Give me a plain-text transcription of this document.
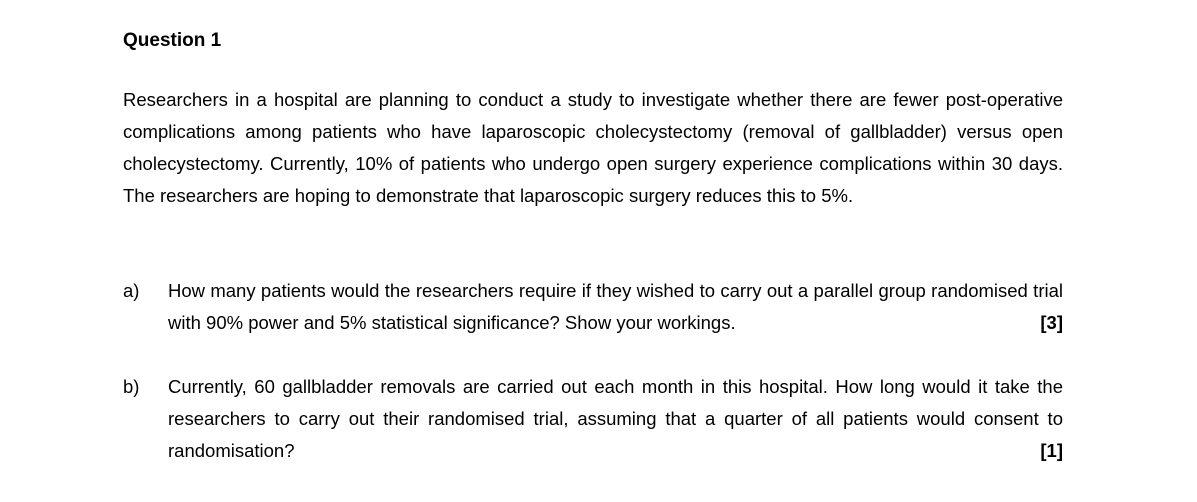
Question 1

Researchers in a hospital are planning to conduct a study to investigate whether there are fewer post-operative complications among patients who have laparoscopic cholecystectomy (removal of gallbladder) versus open cholecystectomy. Currently, 10% of patients who undergo open surgery experience complications within 30 days. The researchers are hoping to demonstrate that laparoscopic surgery reduces this to 5%.

a)	How many patients would the researchers require if they wished to carry out a parallel group randomised trial with 90% power and 5% statistical significance? Show your workings.	[3]

b)	Currently, 60 gallbladder removals are carried out each month in this hospital. How long would it take the researchers to carry out their randomised trial, assuming that a quarter of all patients would consent to randomisation?	[1]
